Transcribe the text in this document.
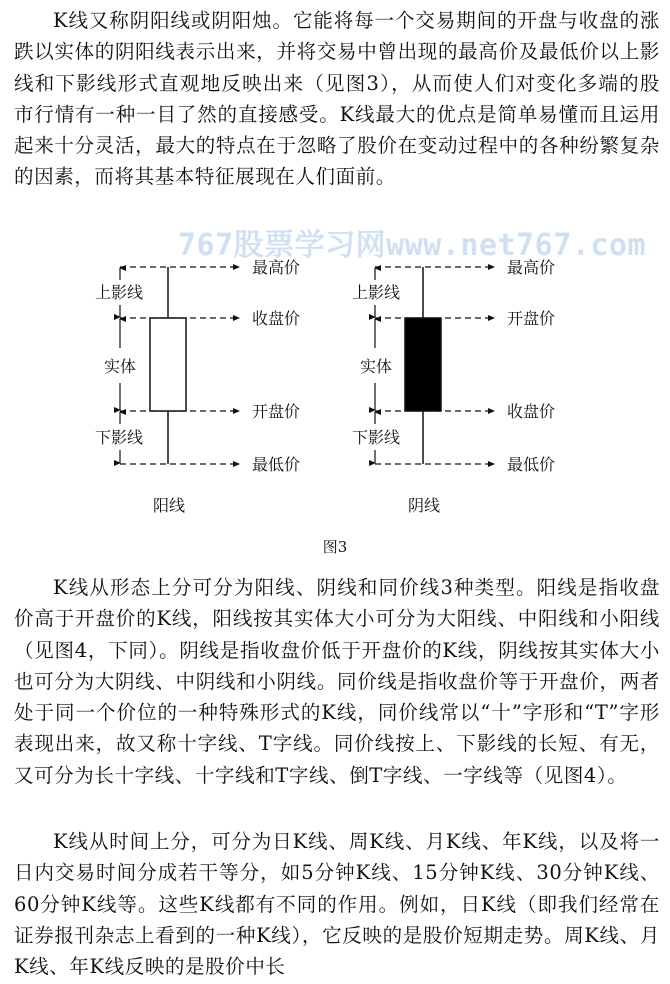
K线又称阴阳线或阴阳烛。它能将每一个交易期间的开盘与收盘的涨跌以实体的阴阳线表示出来，并将交易中曾出现的最高价及最低价以上影线和下影线形式直观地反映出来（见图3），从而使人们对变化多端的股市行情有一种一目了然的直接感受。K线最大的优点是简单易懂而且运用起来十分灵活，最大的特点在于忽略了股价在变动过程中的各种纷繁复杂的因素，而将其基本特征展现在人们面前。

767股票学习网www.net767.com
上影线
实体
下影线
最高价
收盘价
开盘价
最低价
阳线
上影线
实体
下影线
最高价
开盘价
收盘价
最低价
阴线
图3

K线从形态上分可分为阳线、阴线和同价线3种类型。阳线是指收盘价高于开盘价的K线，阳线按其实体大小可分为大阳线、中阳线和小阳线（见图4，下同）。阴线是指收盘价低于开盘价的K线，阴线按其实体大小也可分为大阴线、中阴线和小阴线。同价线是指收盘价等于开盘价，两者处于同一个价位的一种特殊形式的K线，同价线常以“十”字形和“T”字形表现出来，故又称十字线、T字线。同价线按上、下影线的长短、有无，又可分为长十字线、十字线和T字线、倒T字线、一字线等（见图4）。

K线从时间上分，可分为日K线、周K线、月K线、年K线，以及将一日内交易时间分成若干等分，如5分钟K线、15分钟K线、30分钟K线、60分钟K线等。这些K线都有不同的作用。例如，日K线（即我们经常在证券报刊杂志上看到的一种K线），它反映的是股价短期走势。周K线、月K线、年K线反映的是股价中长
